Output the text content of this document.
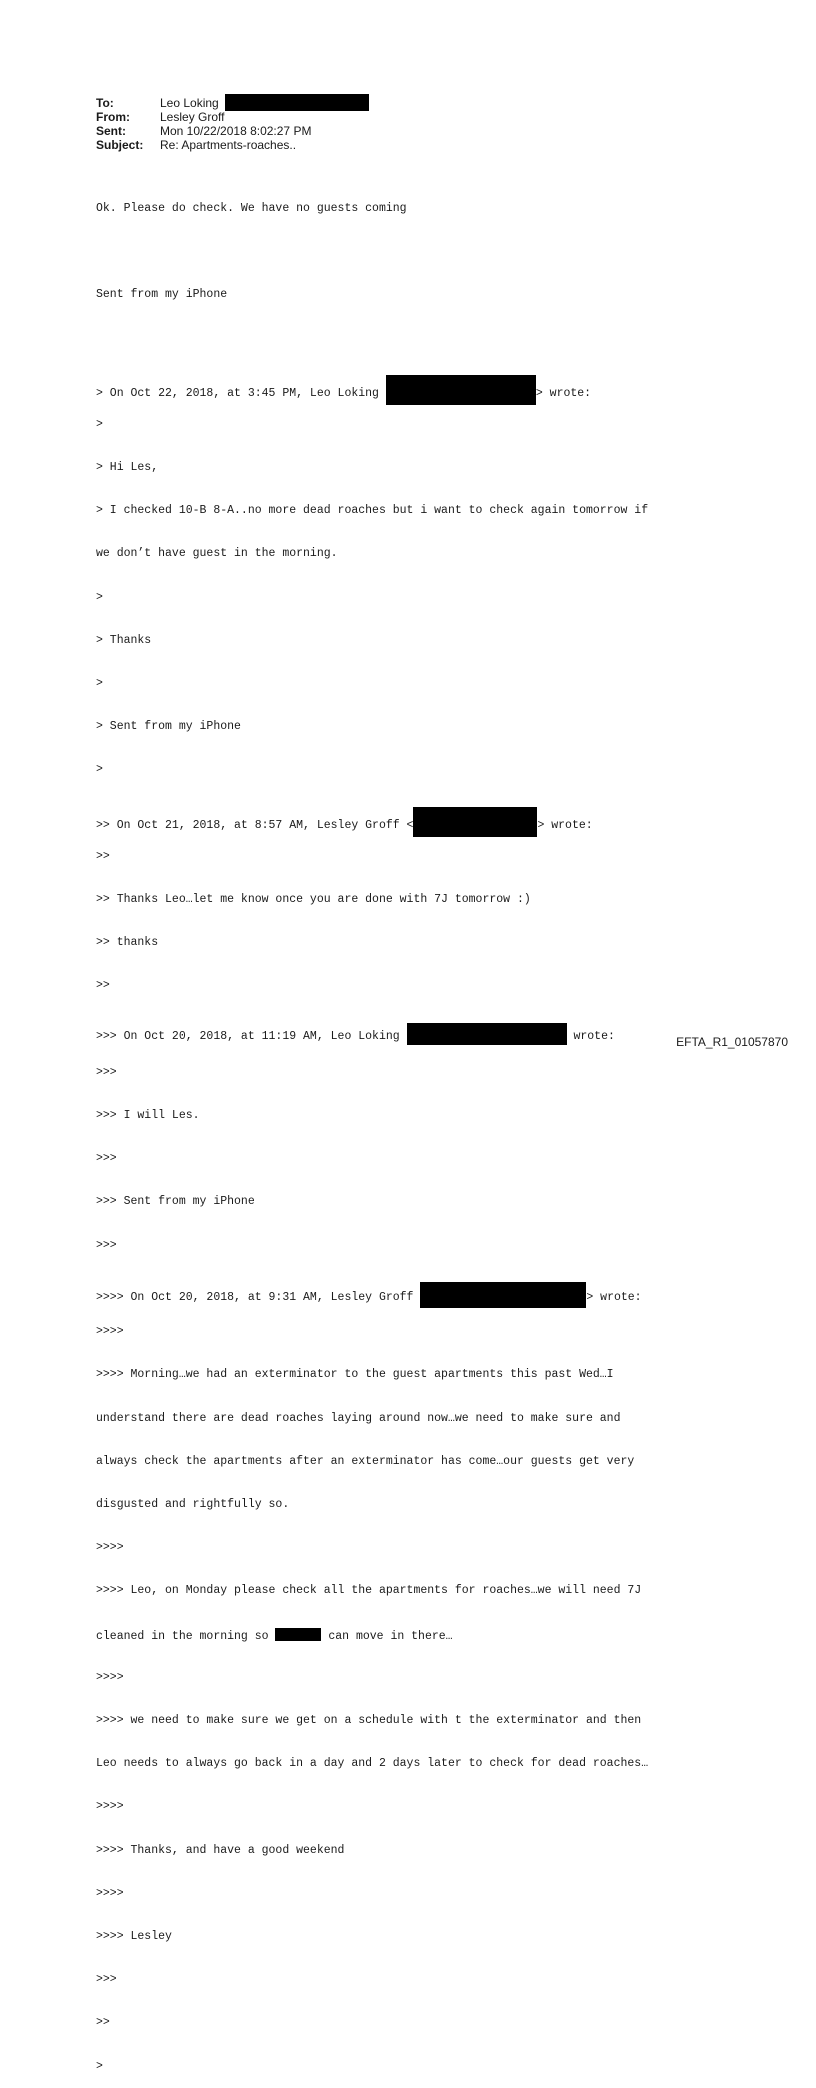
To:	Leo Loking
From:	Lesley Groff
Sent:	Mon 10/22/2018 8:02:27 PM
Subject:	Re: Apartments-roaches..

Ok. Please do check. We have no guests coming

Sent from my iPhone

> On Oct 22, 2018, at 3:45 PM, Leo Loking	> wrote:

>

> Hi Les,

> I checked 10-B 8-A..no more dead roaches but i want to check again tomorrow if

we don’t have guest in the morning.

>

> Thanks

>

> Sent from my iPhone

>

>> On Oct 21, 2018, at 8:57 AM, Lesley Groff <	> wrote:

>>

>> Thanks Leo…let me know once you are done with 7J tomorrow :)

>> thanks

>>

>>> On Oct 20, 2018, at 11:19 AM, Leo Loking	wrote:

>>>

>>> I will Les.

>>>

>>> Sent from my iPhone

>>>

>>>> On Oct 20, 2018, at 9:31 AM, Lesley Groff	> wrote:

>>>>

>>>> Morning…we had an exterminator to the guest apartments this past Wed…I

understand there are dead roaches laying around now…we need to make sure and

always check the apartments after an exterminator has come…our guests get very

disgusted and rightfully so.

>>>>

>>>> Leo, on Monday please check all the apartments for roaches…we will need 7J

cleaned in the morning so	can move in there…

>>>>

>>>> we need to make sure we get on a schedule with t the exterminator and then

Leo needs to always go back in a day and 2 days later to check for dead roaches…

>>>>

>>>> Thanks, and have a good weekend

>>>>

>>>> Lesley

>>>

>>

>

EFTA_R1_01057870
